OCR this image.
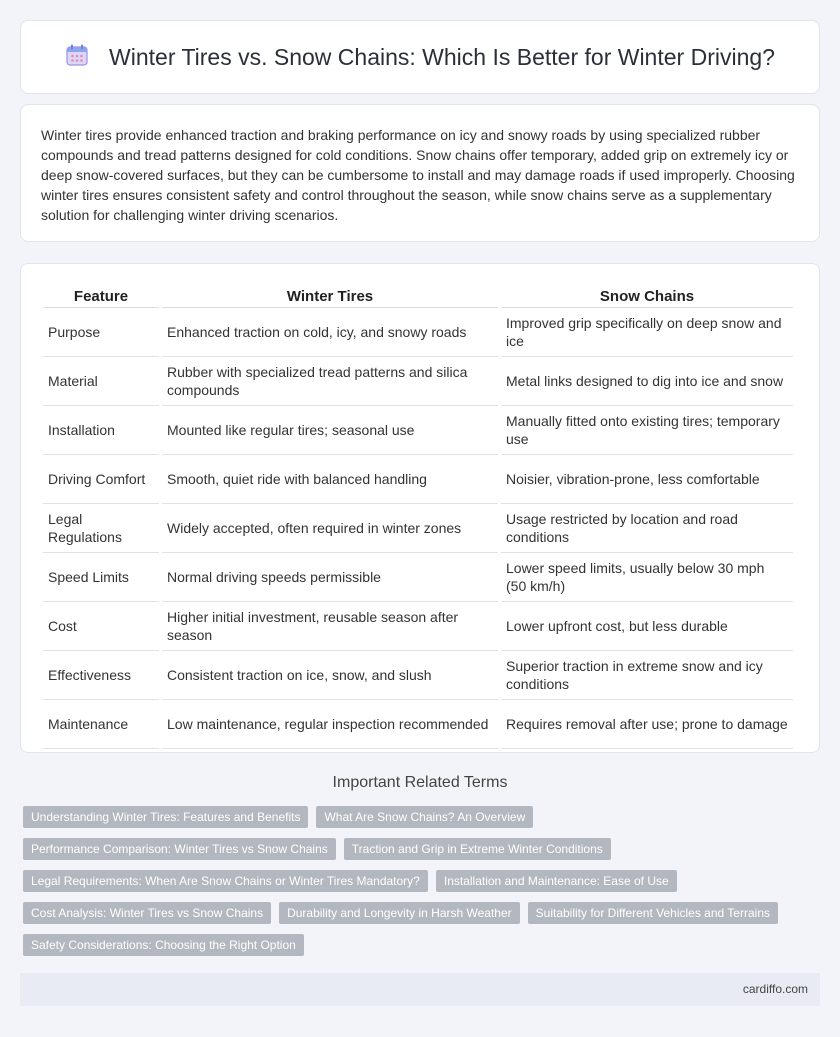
Winter Tires vs. Snow Chains: Which Is Better for Winter Driving?

Winter tires provide enhanced traction and braking performance on icy and snowy roads by using specialized rubber compounds and tread patterns designed for cold conditions. Snow chains offer temporary, added grip on extremely icy or deep snow-covered surfaces, but they can be cumbersome to install and may damage roads if used improperly. Choosing winter tires ensures consistent safety and control throughout the season, while snow chains serve as a supplementary solution for challenging winter driving scenarios.

Feature	Winter Tires	Snow Chains
Purpose	Enhanced traction on cold, icy, and snowy roads	Improved grip specifically on deep snow and ice
Material	Rubber with specialized tread patterns and silica compounds	Metal links designed to dig into ice and snow
Installation	Mounted like regular tires; seasonal use	Manually fitted onto existing tires; temporary use
Driving Comfort	Smooth, quiet ride with balanced handling	Noisier, vibration-prone, less comfortable
Legal Regulations	Widely accepted, often required in winter zones	Usage restricted by location and road conditions
Speed Limits	Normal driving speeds permissible	Lower speed limits, usually below 30 mph (50 km/h)
Cost	Higher initial investment, reusable season after season	Lower upfront cost, but less durable
Effectiveness	Consistent traction on ice, snow, and slush	Superior traction in extreme snow and icy conditions
Maintenance	Low maintenance, regular inspection recommended	Requires removal after use; prone to damage
Important Related Terms
Understanding Winter Tires: Features and Benefits	What Are Snow Chains? An Overview
Performance Comparison: Winter Tires vs Snow Chains	Traction and Grip in Extreme Winter Conditions
Legal Requirements: When Are Snow Chains or Winter Tires Mandatory?	Installation and Maintenance: Ease of Use
Cost Analysis: Winter Tires vs Snow Chains	Durability and Longevity in Harsh Weather	Suitability for Different Vehicles and Terrains
Safety Considerations: Choosing the Right Option
cardiffo.com
